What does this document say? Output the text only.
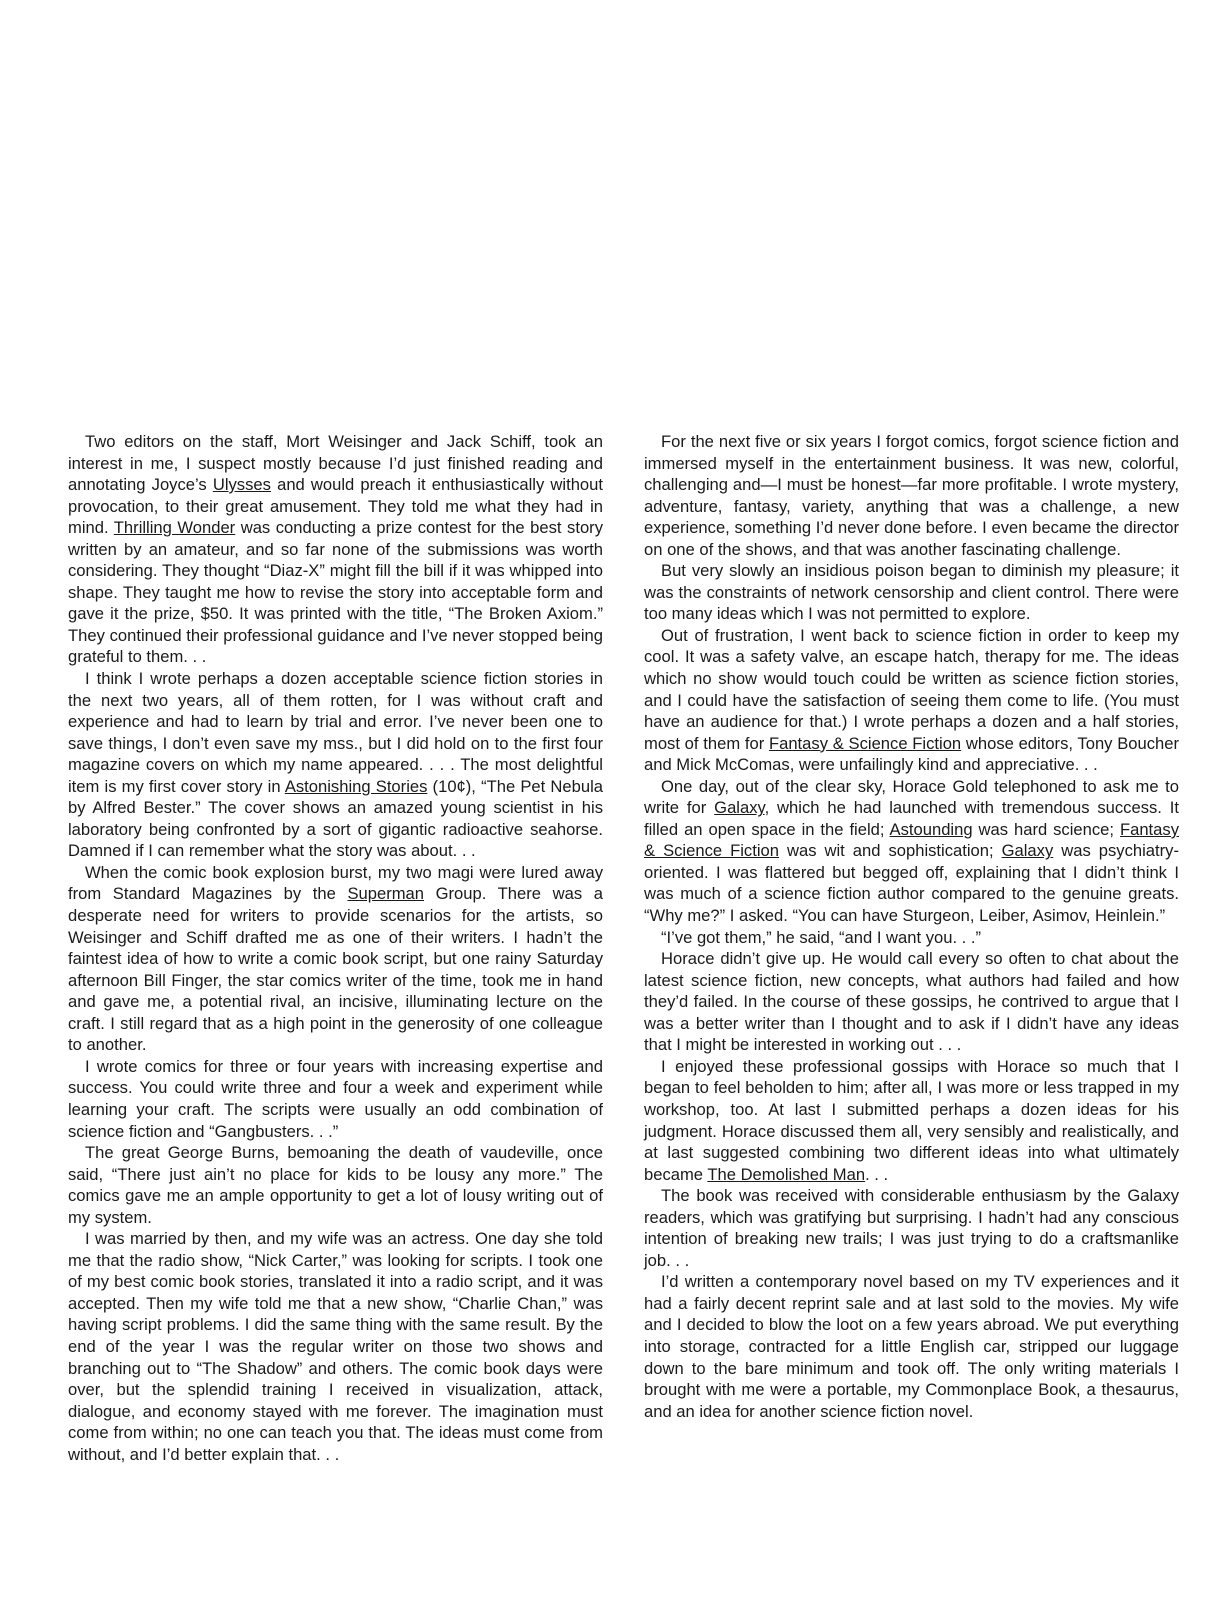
Two editors on the staff, Mort Weisinger and Jack Schiff, took an interest in me, I suspect mostly because I’d just finished reading and annotating Joyce’s Ulysses and would preach it enthusiastically without provocation, to their great amusement. They told me what they had in mind. Thrilling Wonder was conducting a prize contest for the best story written by an amateur, and so far none of the submissions was worth considering. They thought “Diaz-X” might fill the bill if it was whipped into shape. They taught me how to revise the story into acceptable form and gave it the prize, $50. It was printed with the title, “The Broken Axiom.” They continued their professional guidance and I’ve never stopped being grateful to them. . .

I think I wrote perhaps a dozen acceptable science fiction stories in the next two years, all of them rotten, for I was without craft and experience and had to learn by trial and error. I’ve never been one to save things, I don’t even save my mss., but I did hold on to the first four magazine covers on which my name appeared. . . . The most delightful item is my first cover story in Astonishing Stories (10¢), “The Pet Nebula by Alfred Bester.” The cover shows an amazed young scientist in his laboratory being confronted by a sort of gigantic radioactive seahorse. Damned if I can remember what the story was about. . .

When the comic book explosion burst, my two magi were lured away from Standard Magazines by the Superman Group. There was a desperate need for writers to provide scenarios for the artists, so Weisinger and Schiff drafted me as one of their writers. I hadn’t the faintest idea of how to write a comic book script, but one rainy Saturday afternoon Bill Finger, the star comics writer of the time, took me in hand and gave me, a potential rival, an incisive, illuminating lecture on the craft. I still regard that as a high point in the generosity of one colleague to another.

I wrote comics for three or four years with increasing expertise and success. You could write three and four a week and experiment while learning your craft. The scripts were usually an odd combination of science fiction and “Gangbusters. . .”

The great George Burns, bemoaning the death of vaudeville, once said, “There just ain’t no place for kids to be lousy any more.” The comics gave me an ample opportunity to get a lot of lousy writing out of my system.

I was married by then, and my wife was an actress. One day she told me that the radio show, “Nick Carter,” was looking for scripts. I took one of my best comic book stories, translated it into a radio script, and it was accepted. Then my wife told me that a new show, “Charlie Chan,” was having script problems. I did the same thing with the same result. By the end of the year I was the regular writer on those two shows and branching out to “The Shadow” and others. The comic book days were over, but the splendid training I received in visualization, attack, dialogue, and economy stayed with me forever. The imagination must come from within; no one can teach you that. The ideas must come from without, and I’d better explain that. . .

For the next five or six years I forgot comics, forgot science fiction and immersed myself in the entertainment business. It was new, colorful, challenging and—I must be honest—far more profitable. I wrote mystery, adventure, fantasy, variety, anything that was a challenge, a new experience, something I’d never done before. I even became the director on one of the shows, and that was another fascinating challenge.

But very slowly an insidious poison began to diminish my pleasure; it was the constraints of network censorship and client control. There were too many ideas which I was not permitted to explore.

Out of frustration, I went back to science fiction in order to keep my cool. It was a safety valve, an escape hatch, therapy for me. The ideas which no show would touch could be written as science fiction stories, and I could have the satisfaction of seeing them come to life. (You must have an audience for that.) I wrote perhaps a dozen and a half stories, most of them for Fantasy & Science Fiction whose editors, Tony Boucher and Mick McComas, were unfailingly kind and appreciative. . .

One day, out of the clear sky, Horace Gold telephoned to ask me to write for Galaxy, which he had launched with tremendous success. It filled an open space in the field; Astounding was hard science; Fantasy & Science Fiction was wit and sophistication; Galaxy was psychiatry-oriented. I was flattered but begged off, explaining that I didn’t think I was much of a science fiction author compared to the genuine greats. “Why me?” I asked. “You can have Sturgeon, Leiber, Asimov, Heinlein.”

“I’ve got them,” he said, “and I want you. . .”

Horace didn’t give up. He would call every so often to chat about the latest science fiction, new concepts, what authors had failed and how they’d failed. In the course of these gossips, he contrived to argue that I was a better writer than I thought and to ask if I didn’t have any ideas that I might be interested in working out . . .

I enjoyed these professional gossips with Horace so much that I began to feel beholden to him; after all, I was more or less trapped in my workshop, too. At last I submitted perhaps a dozen ideas for his judgment. Horace discussed them all, very sensibly and realistically, and at last suggested combining two different ideas into what ultimately became The Demolished Man. . .

The book was received with considerable enthusiasm by the Galaxy readers, which was gratifying but surprising. I hadn’t had any conscious intention of breaking new trails; I was just trying to do a craftsmanlike job. . .

I’d written a contemporary novel based on my TV experiences and it had a fairly decent reprint sale and at last sold to the movies. My wife and I decided to blow the loot on a few years abroad. We put everything into storage, contracted for a little English car, stripped our luggage down to the bare minimum and took off. The only writing materials I brought with me were a portable, my Commonplace Book, a thesaurus, and an idea for another science fiction novel.
